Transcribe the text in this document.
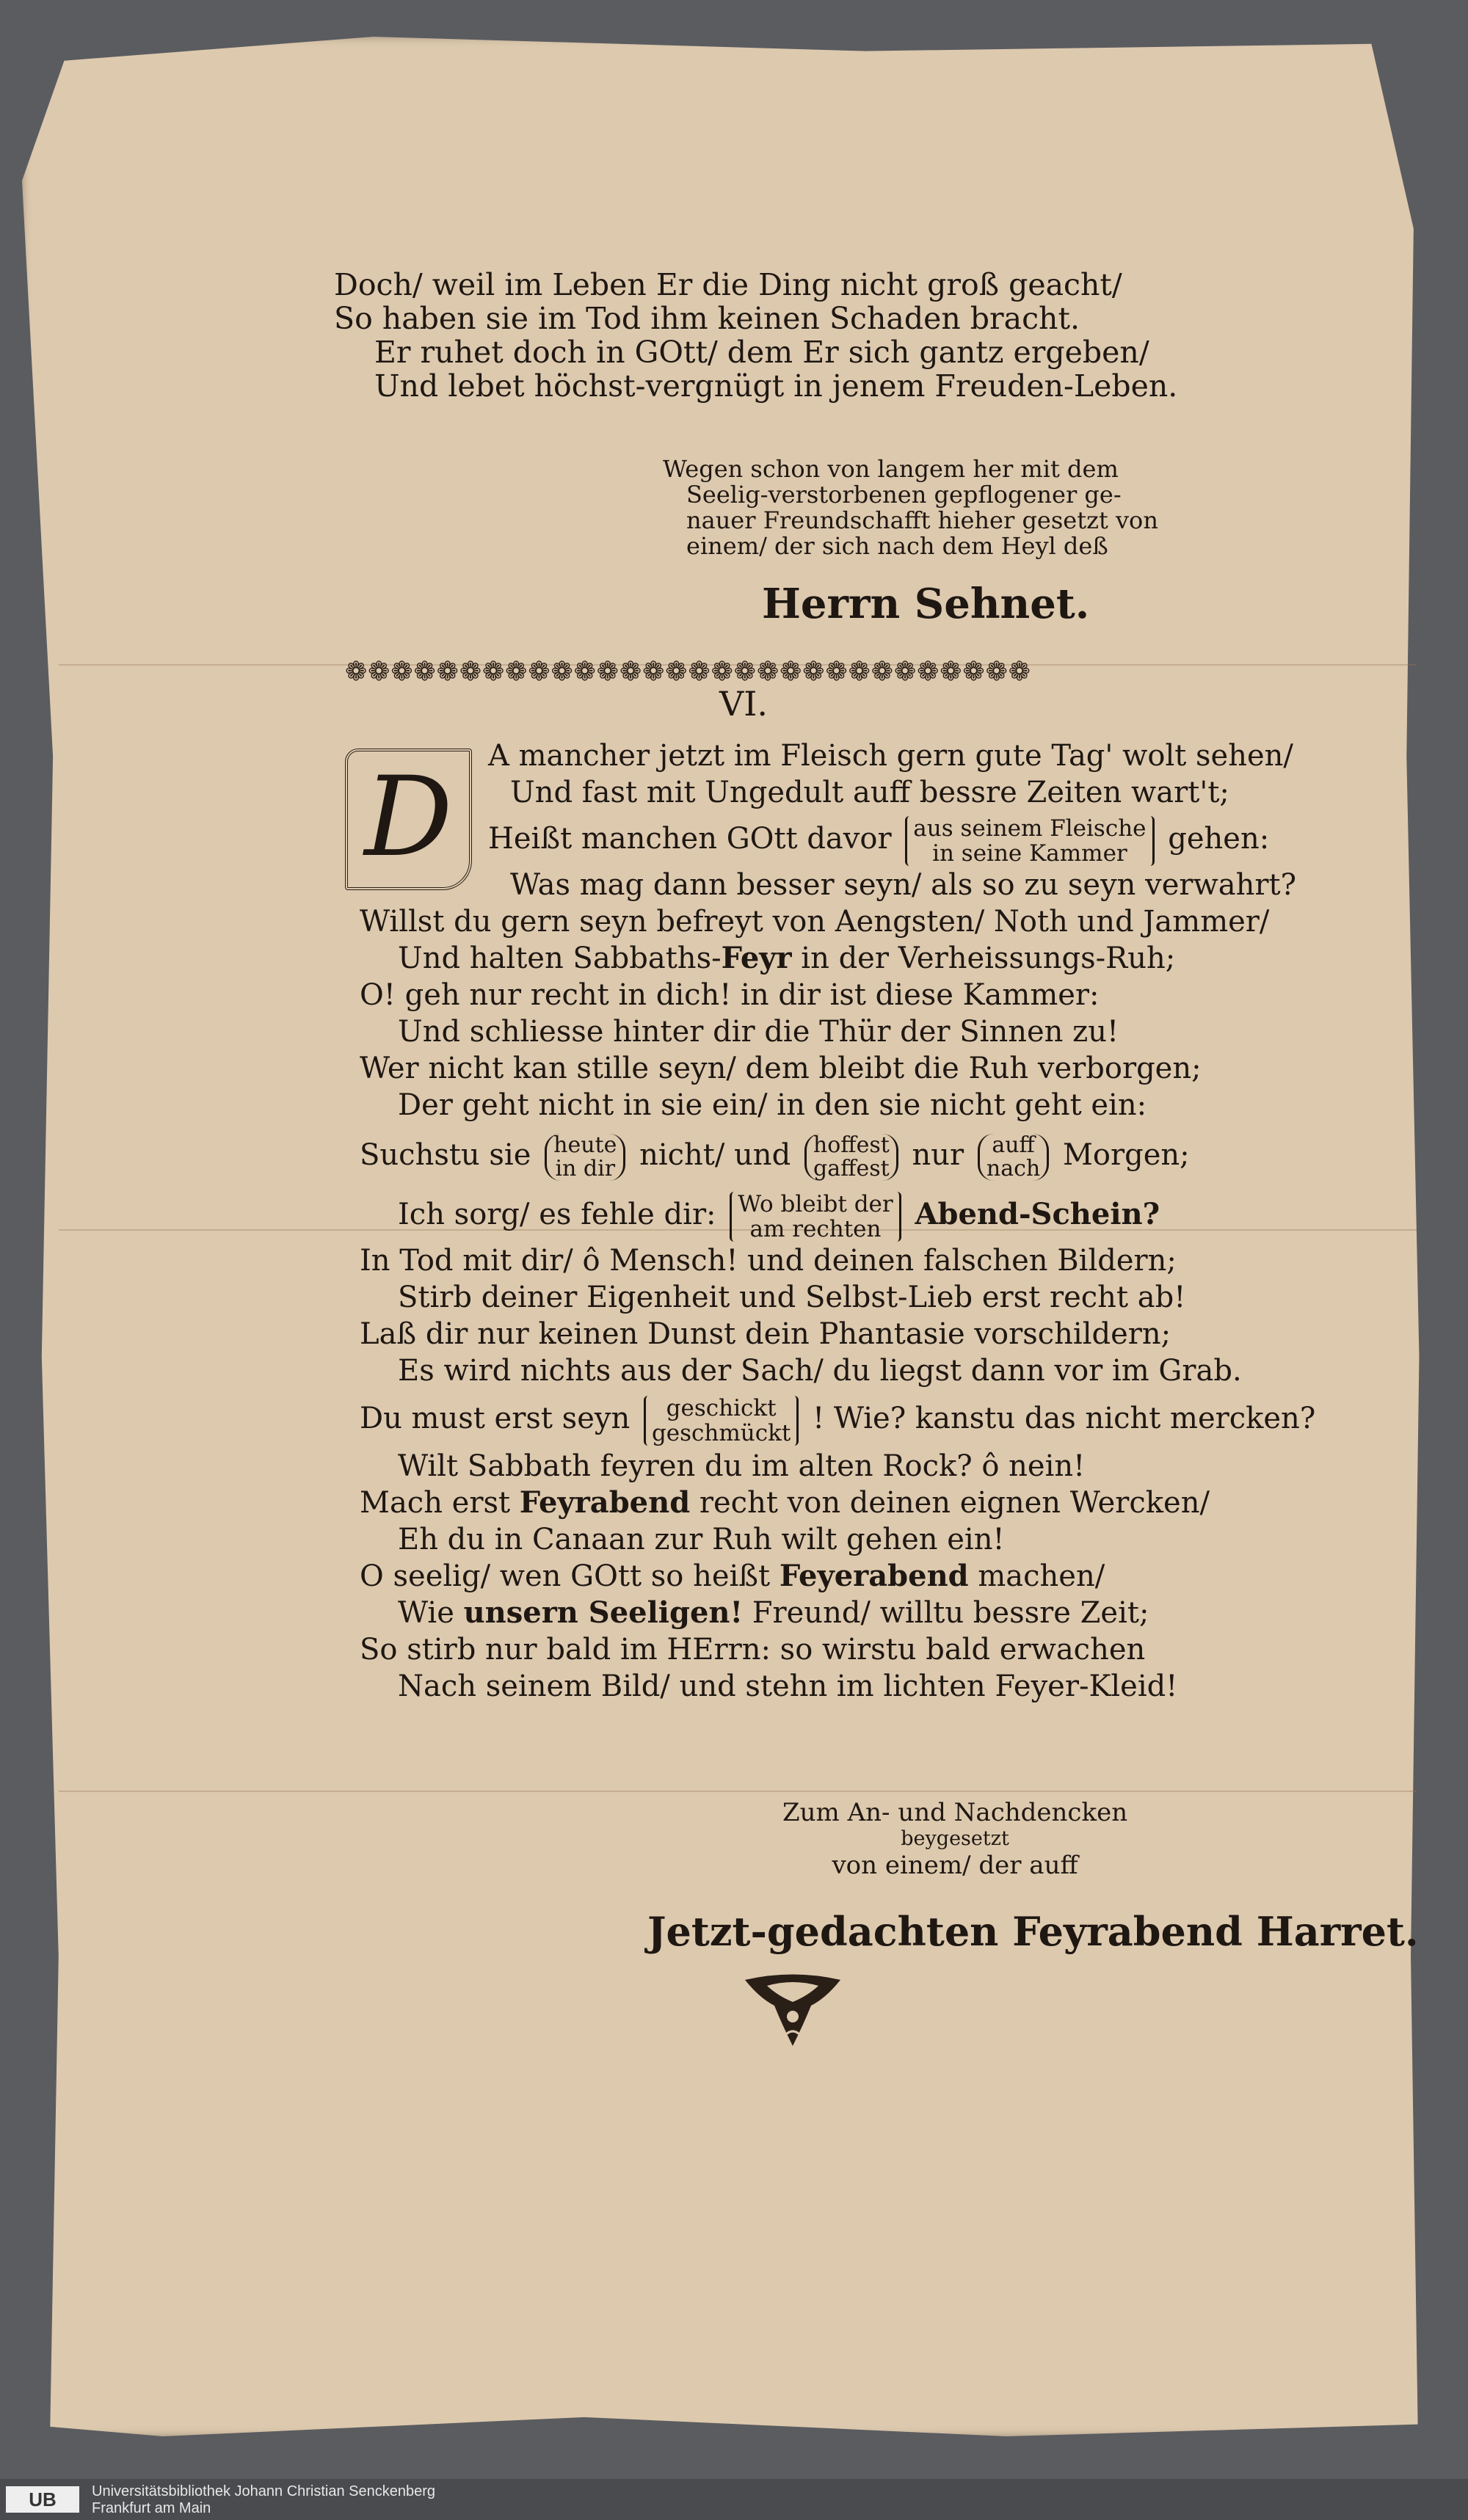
Doch/ weil im Leben Er die Ding nicht groß geacht/
So haben sie im Tod ihm keinen Schaden bracht.
Er ruhet doch in GOtt/ dem Er sich gantz ergeben/
Und lebet höchst-vergnügt in jenem Freuden-Leben.
Wegen schon von langem her mit dem
Seelig-verstorbenen gepflogener ge-
nauer Freundschafft hieher gesetzt von
einem/ der sich nach dem Heyl deß
Herrn Sehnet.
❁❁❁❁❁❁❁❁❁❁❁❁❁❁❁❁❁❁❁❁❁❁❁❁❁❁❁❁❁❁
VI.
D	A mancher jetzt im Fleisch gern gute Tag' wolt sehen/
Und fast mit Ungedult auff bessre Zeiten wart't;
Heißt manchen GOtt davor aus seinem Fleische
in seine Kammer	gehen:
Was mag dann besser seyn/ als so zu seyn verwahrt?
Willst du gern seyn befreyt von Aengsten/ Noth und Jammer/
Und halten Sabbaths-Feyr in der Verheissungs-Ruh;
O! geh nur recht in dich! in dir ist diese Kammer:
Und schliesse hinter dir die Thür der Sinnen zu!
Wer nicht kan stille seyn/ dem bleibt die Ruh verborgen;
Der geht nicht in sie ein/ in den sie nicht geht ein:
Suchstu sie heute
in dir nicht/ und hoffest
gaffest nur auff
nach Morgen;
Ich sorg/ es fehle dir: Wo bleibt der
am rechten	Abend-Schein?
In Tod mit dir/ ô Mensch! und deinen falschen Bildern;
Stirb deiner Eigenheit und Selbst-Lieb erst recht ab!
Laß dir nur keinen Dunst dein Phantasie vorschildern;
Es wird nichts aus der Sach/ du liegst dann vor im Grab.
Du must erst seyn	geschickt
geschmückt ! Wie? kanstu das nicht mercken?
Wilt Sabbath feyren du im alten Rock? ô nein!
Mach erst Feyrabend recht von deinen eignen Wercken/
Eh du in Canaan zur Ruh wilt gehen ein!
O seelig/ wen GOtt so heißt Feyerabend machen/
Wie unsern Seeligen! Freund/ willtu bessre Zeit;
So stirb nur bald im HErrn: so wirstu bald erwachen
Nach seinem Bild/ und stehn im lichten Feyer-Kleid!
Zum An- und Nachdencken
beygesetzt
von einem/ der auff
Jetzt-gedachten Feyrabend Harret.
UB	Universitätsbibliothek Johann Christian Senckenberg
Frankfurt am Main
